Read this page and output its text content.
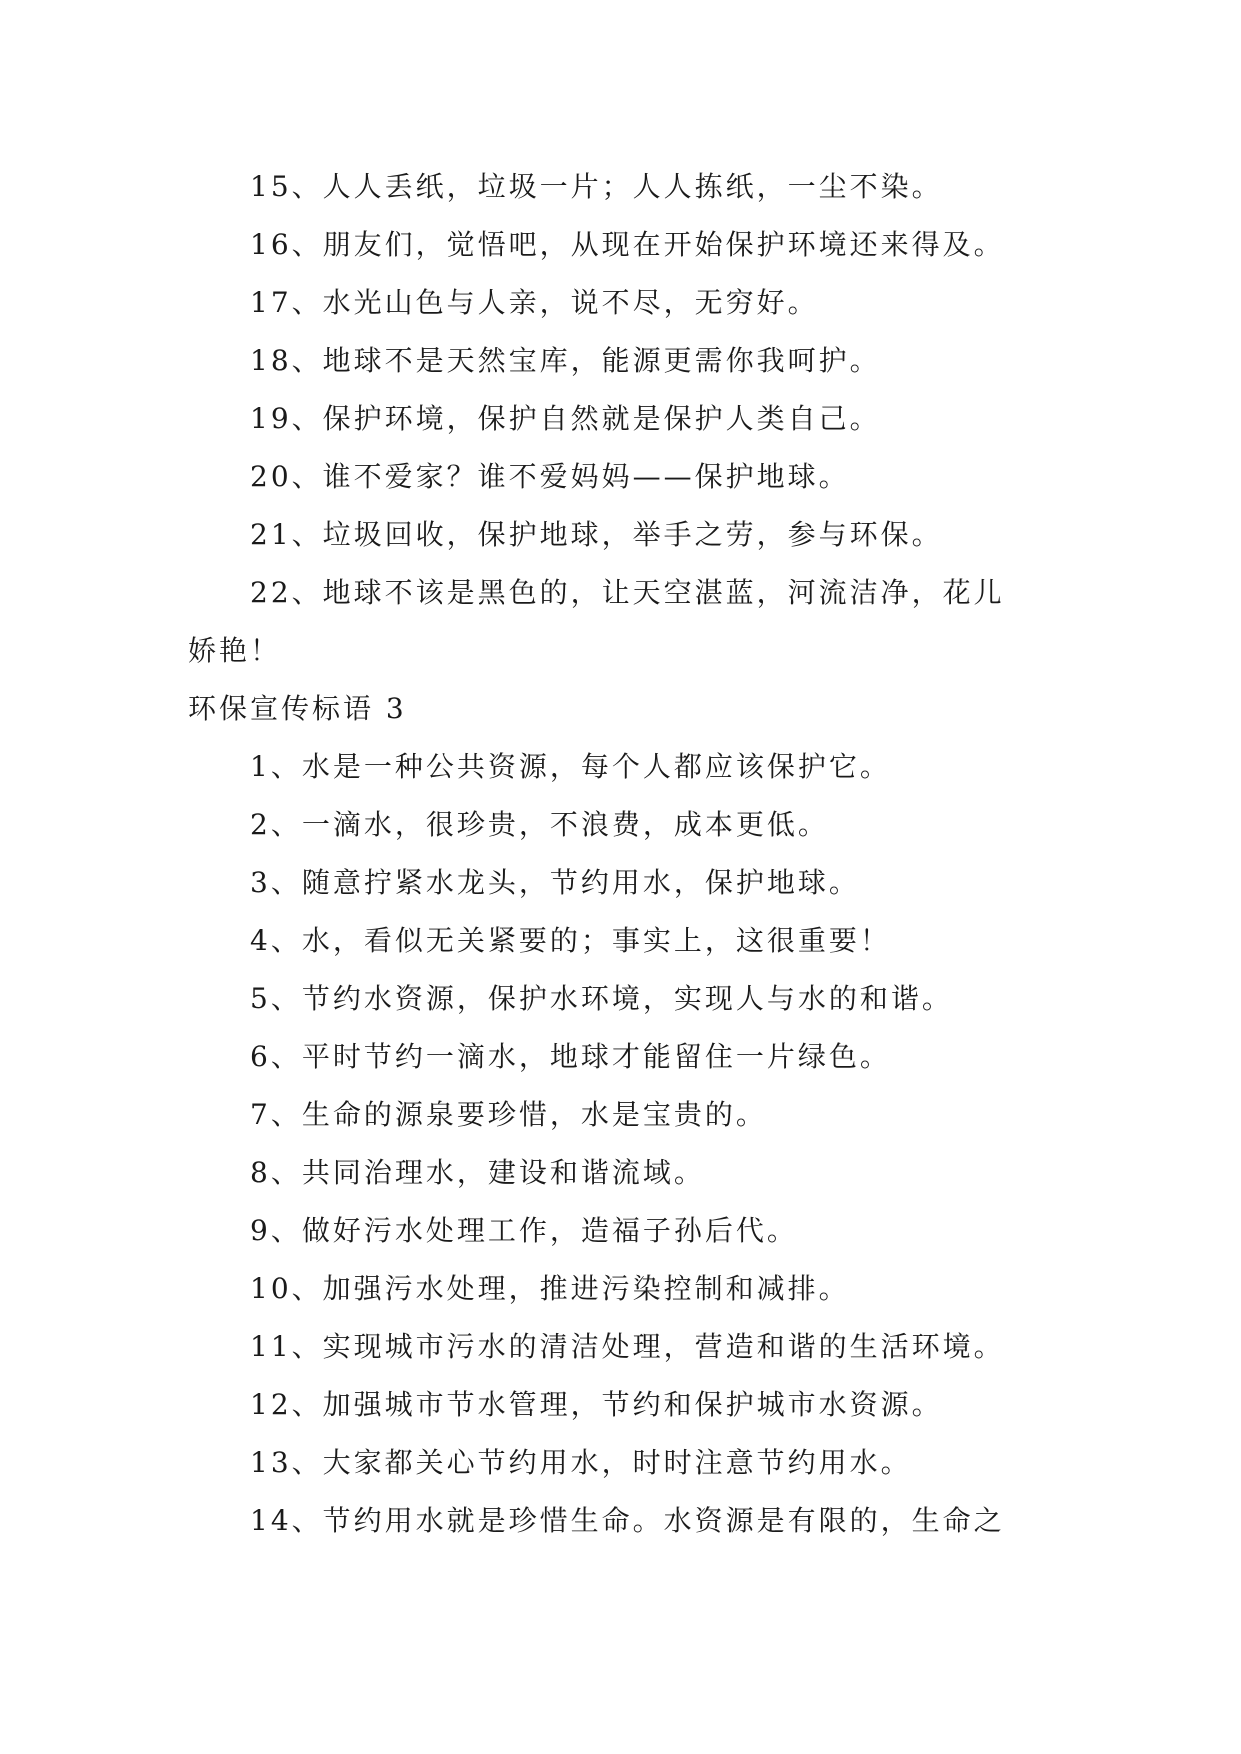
15、人人丢纸，垃圾一片；人人拣纸，一尘不染。
16、朋友们，觉悟吧，从现在开始保护环境还来得及。
17、水光山色与人亲，说不尽，无穷好。
18、地球不是天然宝库，能源更需你我呵护。
19、保护环境，保护自然就是保护人类自己。
20、谁不爱家？谁不爱妈妈——保护地球。
21、垃圾回收，保护地球，举手之劳，参与环保。
22、地球不该是黑色的，让天空湛蓝，河流洁净，花儿
娇艳！
环保宣传标语 3
1、水是一种公共资源，每个人都应该保护它。
2、一滴水，很珍贵，不浪费，成本更低。
3、随意拧紧水龙头，节约用水，保护地球。
4、水，看似无关紧要的；事实上，这很重要！
5、节约水资源，保护水环境，实现人与水的和谐。
6、平时节约一滴水，地球才能留住一片绿色。
7、生命的源泉要珍惜，水是宝贵的。
8、共同治理水，建设和谐流域。
9、做好污水处理工作，造福子孙后代。
10、加强污水处理，推进污染控制和减排。
11、实现城市污水的清洁处理，营造和谐的生活环境。
12、加强城市节水管理，节约和保护城市水资源。
13、大家都关心节约用水，时时注意节约用水。
14、节约用水就是珍惜生命。水资源是有限的，生命之
